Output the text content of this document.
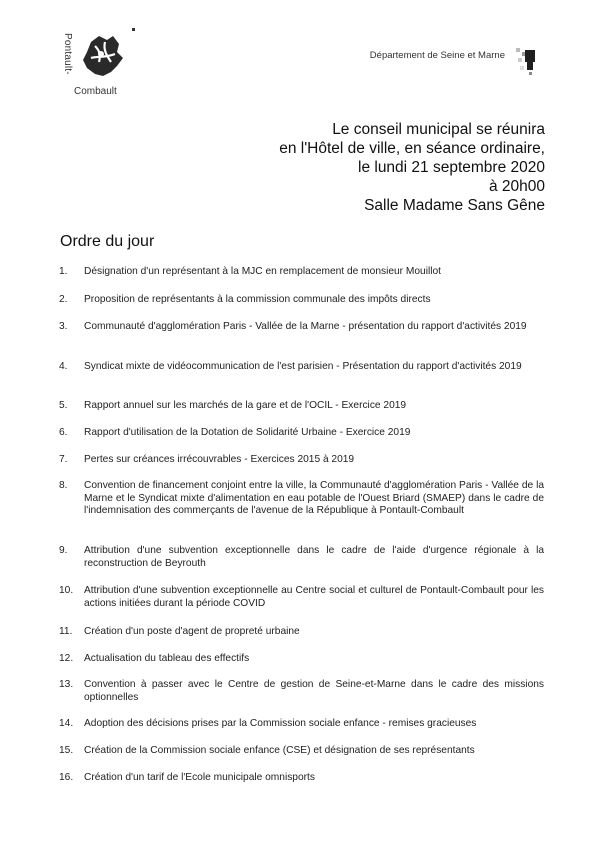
Pontault-
Combault
Département de Seine et Marne
Le conseil municipal se réunira
en l'Hôtel de ville, en séance ordinaire,
le lundi 21 septembre 2020
à 20h00
Salle Madame Sans Gêne
Ordre du jour
1.	Désignation d'un représentant à la MJC en remplacement de monsieur Mouillot
2.	Proposition de représentants à la commission communale des impôts directs
3.	Communauté d'agglomération Paris - Vallée de la Marne - présentation du rapport d'activités 2019
4.	Syndicat mixte de vidéocommunication de l'est parisien - Présentation du rapport d'activités 2019
5.	Rapport annuel sur les marchés de la gare et de l'OCIL - Exercice 2019
6.	Rapport d'utilisation de la Dotation de Solidarité Urbaine - Exercice 2019
7.	Pertes sur créances irrécouvrables - Exercices 2015 à 2019
8.	Convention de financement conjoint entre la ville, la Communauté d'agglomération Paris - Vallée de la Marne et le Syndicat mixte d'alimentation en eau potable de l'Ouest Briard (SMAEP) dans le cadre de l'indemnisation des commerçants de l'avenue de la République à Pontault-Combault
9.	Attribution d'une subvention exceptionnelle dans le cadre de l'aide d'urgence régionale à la reconstruction de Beyrouth
10.	Attribution d'une subvention exceptionnelle au Centre social et culturel de Pontault-Combault pour les actions initiées durant la période COVID
11.	Création d'un poste d'agent de propreté urbaine
12.	Actualisation du tableau des effectifs
13.	Convention à passer avec le Centre de gestion de Seine-et-Marne dans le cadre des missions optionnelles
14.	Adoption des décisions prises par la Commission sociale enfance - remises gracieuses
15.	Création de la Commission sociale enfance (CSE) et désignation de ses représentants
16.	Création d'un tarif de l'Ecole municipale omnisports
